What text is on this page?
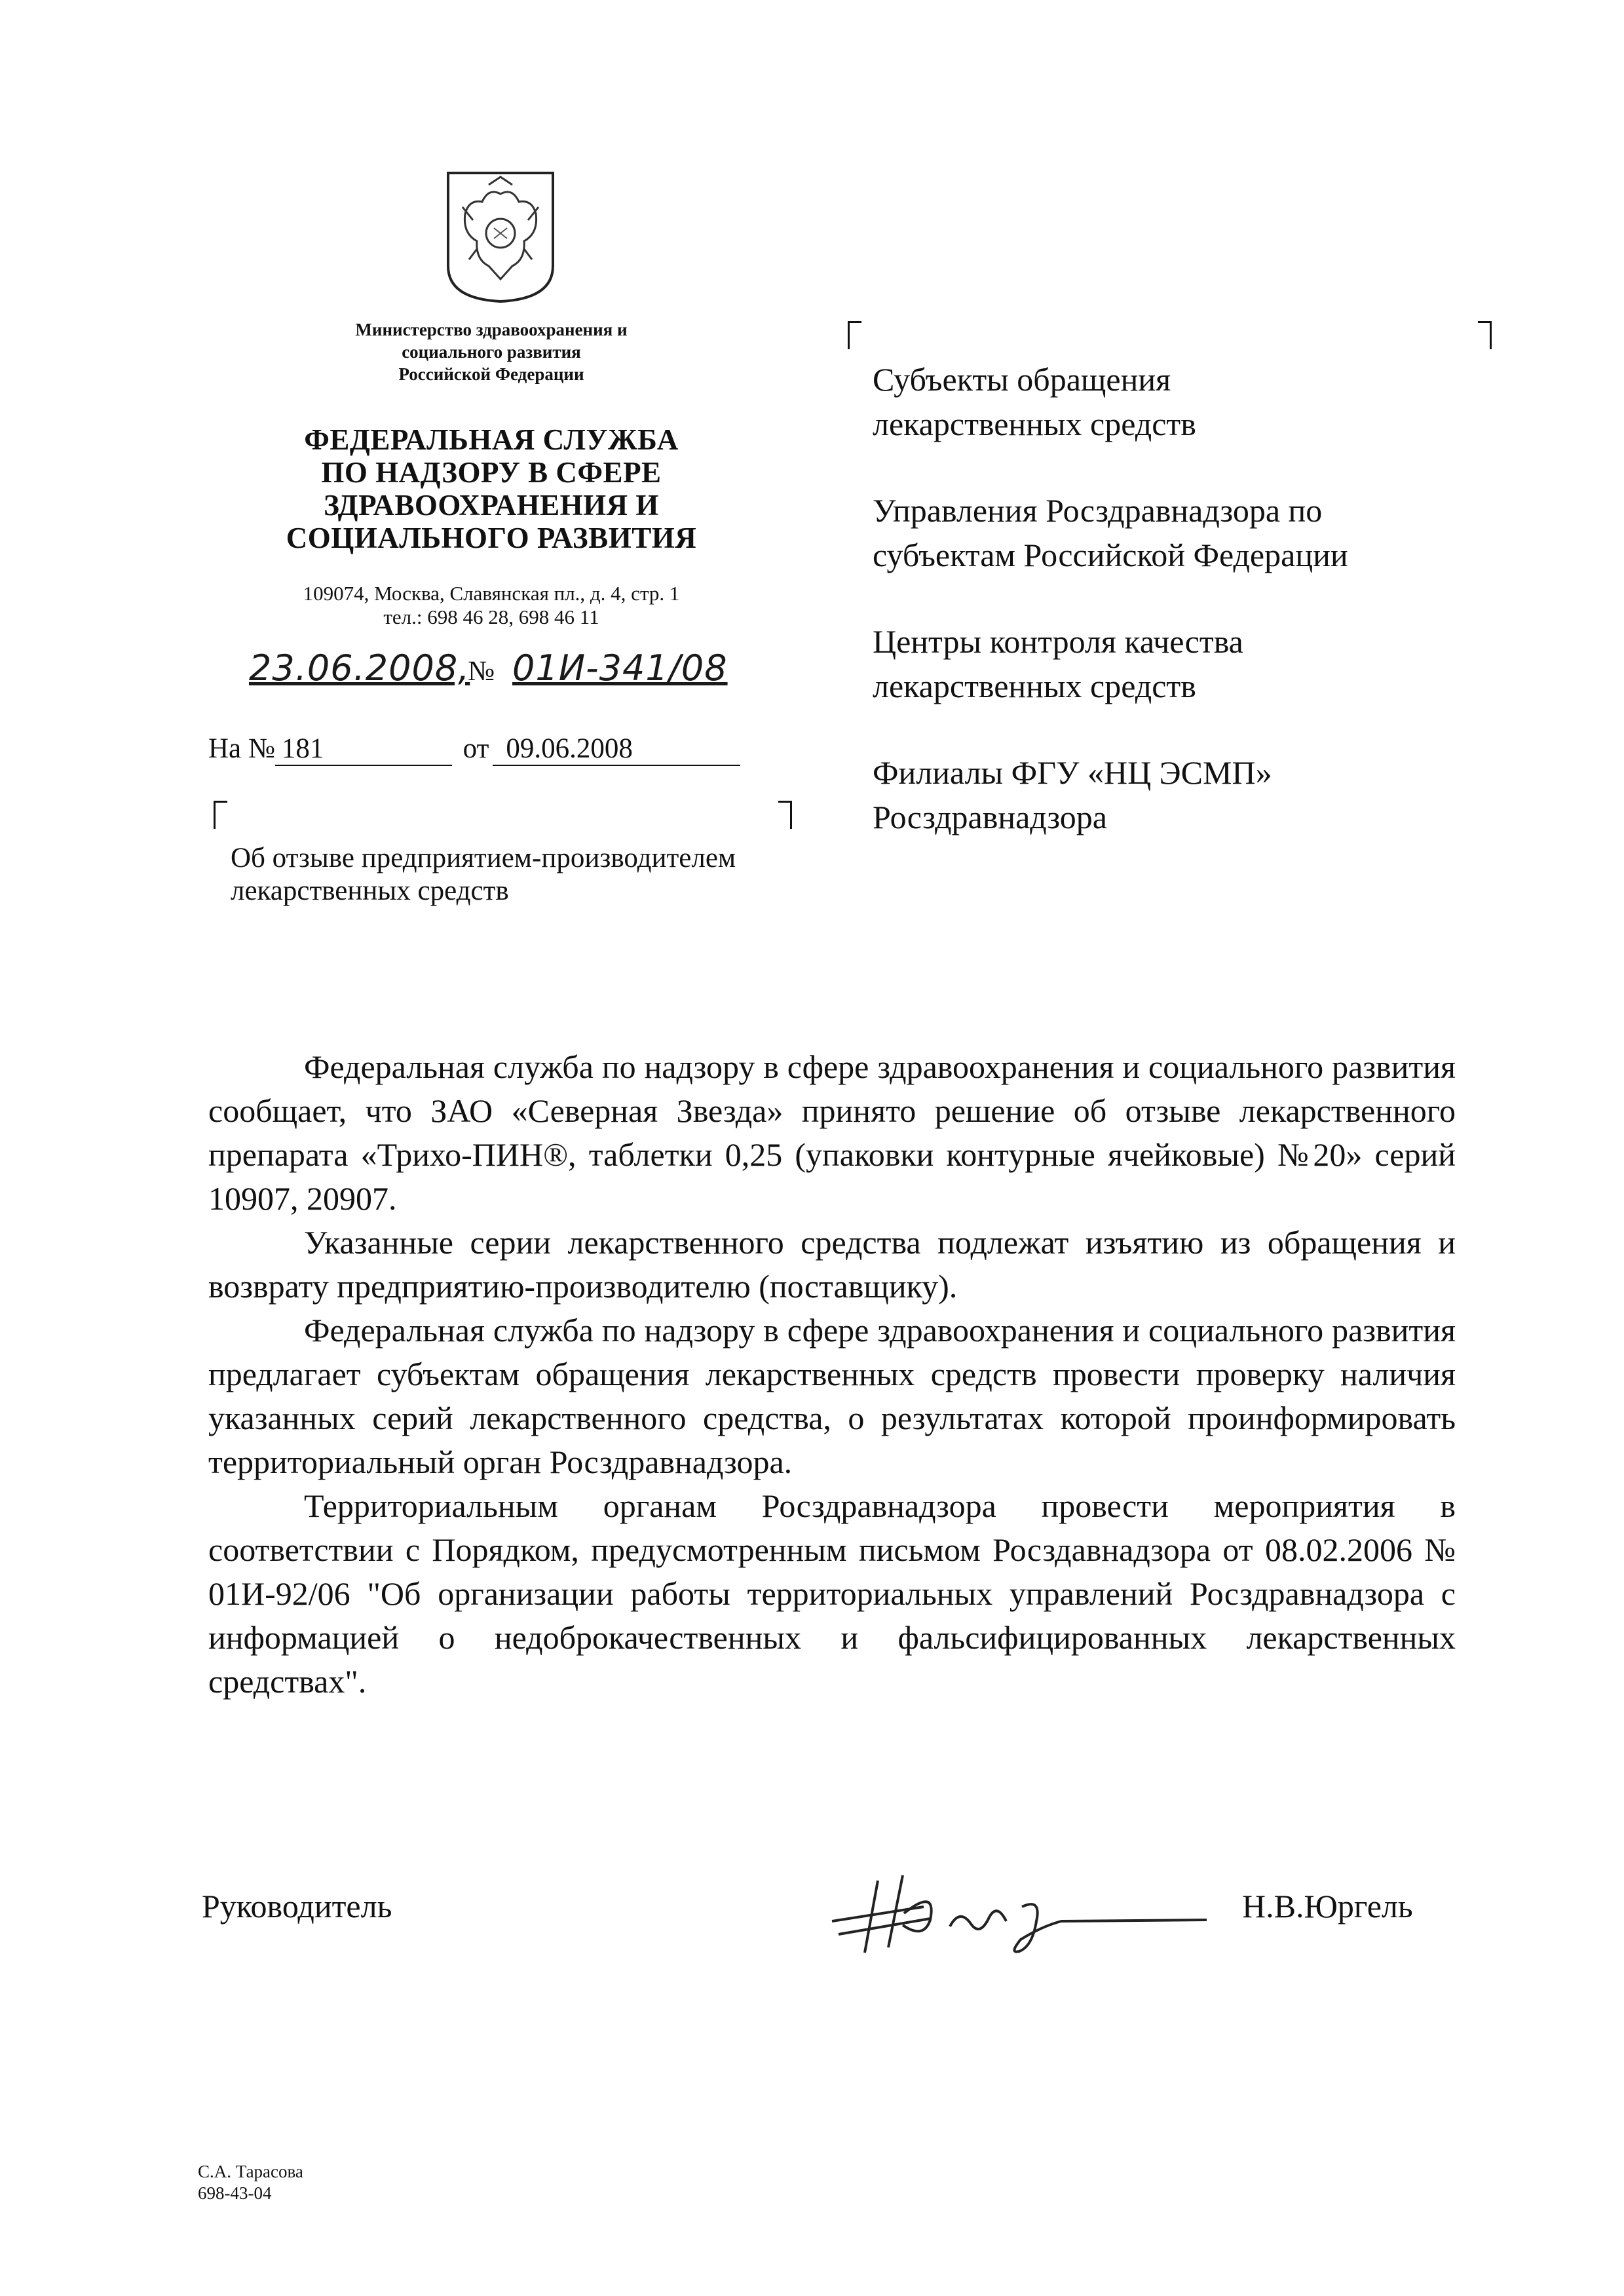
Министерство здравоохранения и
социального развития
Российской Федерации
ФЕДЕРАЛЬНАЯ СЛУЖБА
ПО НАДЗОРУ В СФЕРЕ
ЗДРАВООХРАНЕНИЯ И
СОЦИАЛЬНОГО РАЗВИТИЯ
109074, Москва, Славянская пл., д. 4, стр. 1
тел.: 698 46 28, 698 46 11
23.06.2008,
№ 01И-341/08
На № 181	от 09.06.2008
Об отзыве предприятием-производителем
лекарственных средств

Субъекты обращения
лекарственных средств

Управления Росздравнадзора по
субъектам Российской Федерации

Центры контроля качества
лекарственных средств

Филиалы ФГУ «НЦ ЭСМП»
Росздравнадзора

Федеральная служба по надзору в сфере здравоохранения и социального развития сообщает, что ЗАО «Северная Звезда» принято решение об отзыве лекарственного препарата «Трихо-ПИН®, таблетки 0,25 (упаковки контурные ячейковые) №20» серий 10907, 20907.

Указанные серии лекарственного средства подлежат изъятию из обращения и возврату предприятию-производителю (поставщику).

Федеральная служба по надзору в сфере здравоохранения и социального развития предлагает субъектам обращения лекарственных средств провести проверку наличия указанных серий лекарственного средства, о результатах которой проинформировать территориальный орган Росздравнадзора.

Территориальным органам Росздравнадзора провести мероприятия в соответствии с Порядком, предусмотренным письмом Росздавнадзора от 08.02.2006 № 01И-92/06 "Об организации работы территориальных управлений Росздравнадзора с информацией о недоброкачественных и фальсифицированных лекарственных средствах".

Руководитель	Н.В.Юргель
С.А. Тарасова
698-43-04
